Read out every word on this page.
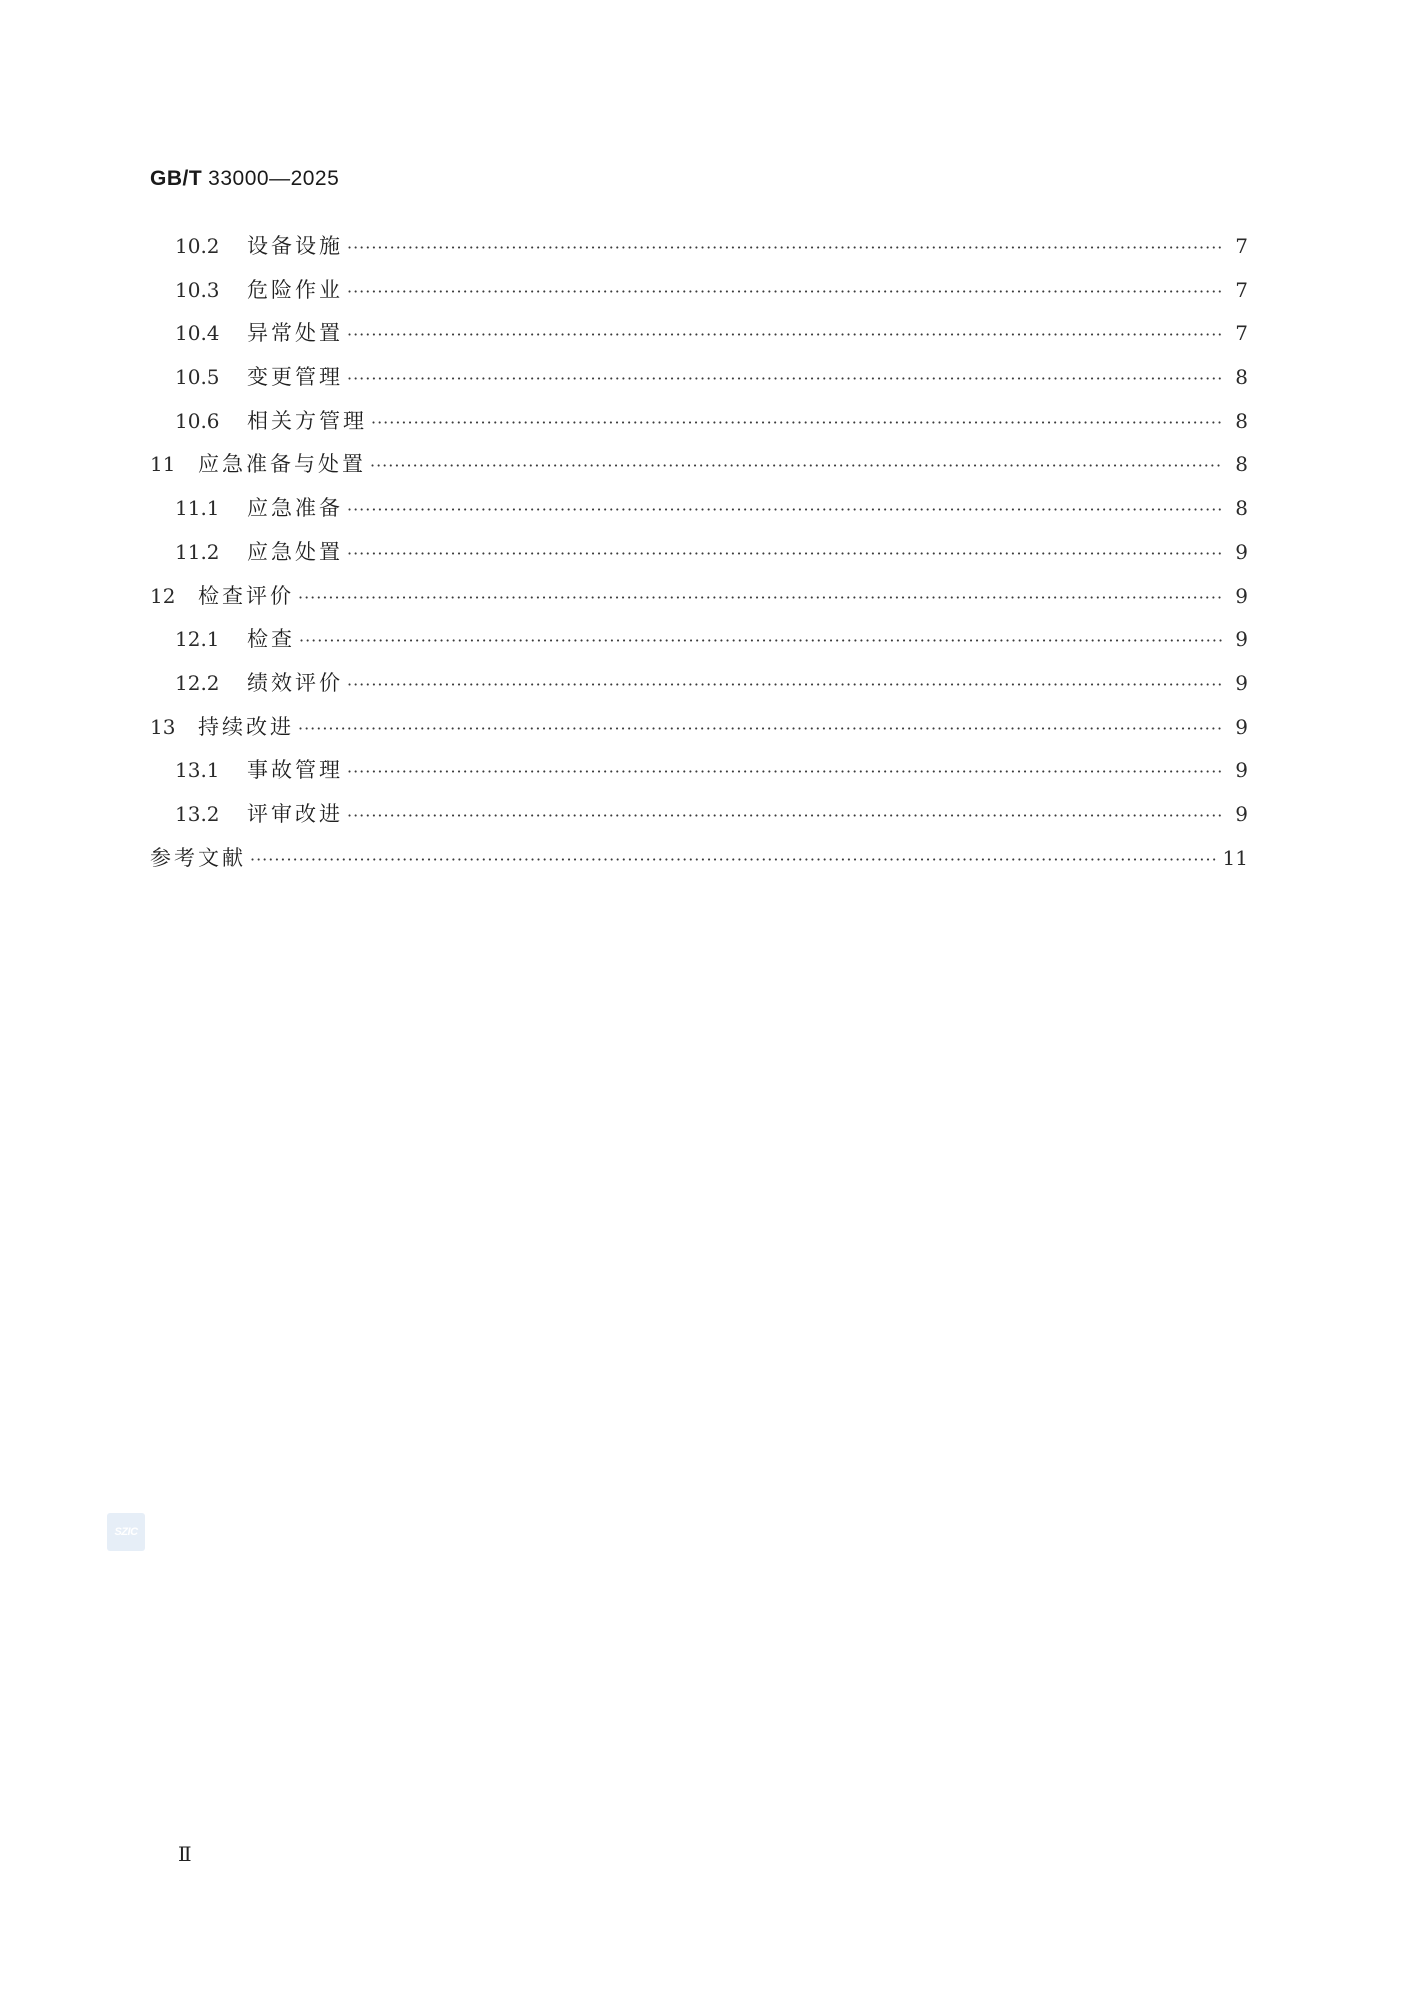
GB/T 33000—2025
10.2	设备设施 ·····	7
10.3	危险作业 ·····	7
10.4	异常处置 ·····	7
10.5	变更管理 ·····	8
10.6	相关方管理 ·····	8
11	应急准备与处置 ·····	8
11.1	应急准备 ·····	8
11.2	应急处置 ·····	9
12	检查评价 ·····	9
12.1	检查 ·····	9
12.2	绩效评价 ·····	9
13	持续改进 ·····	9
13.1	事故管理 ·····	9
13.2	评审改进 ·····	9
参考文献 ·····	11
SZIC
Ⅱ
